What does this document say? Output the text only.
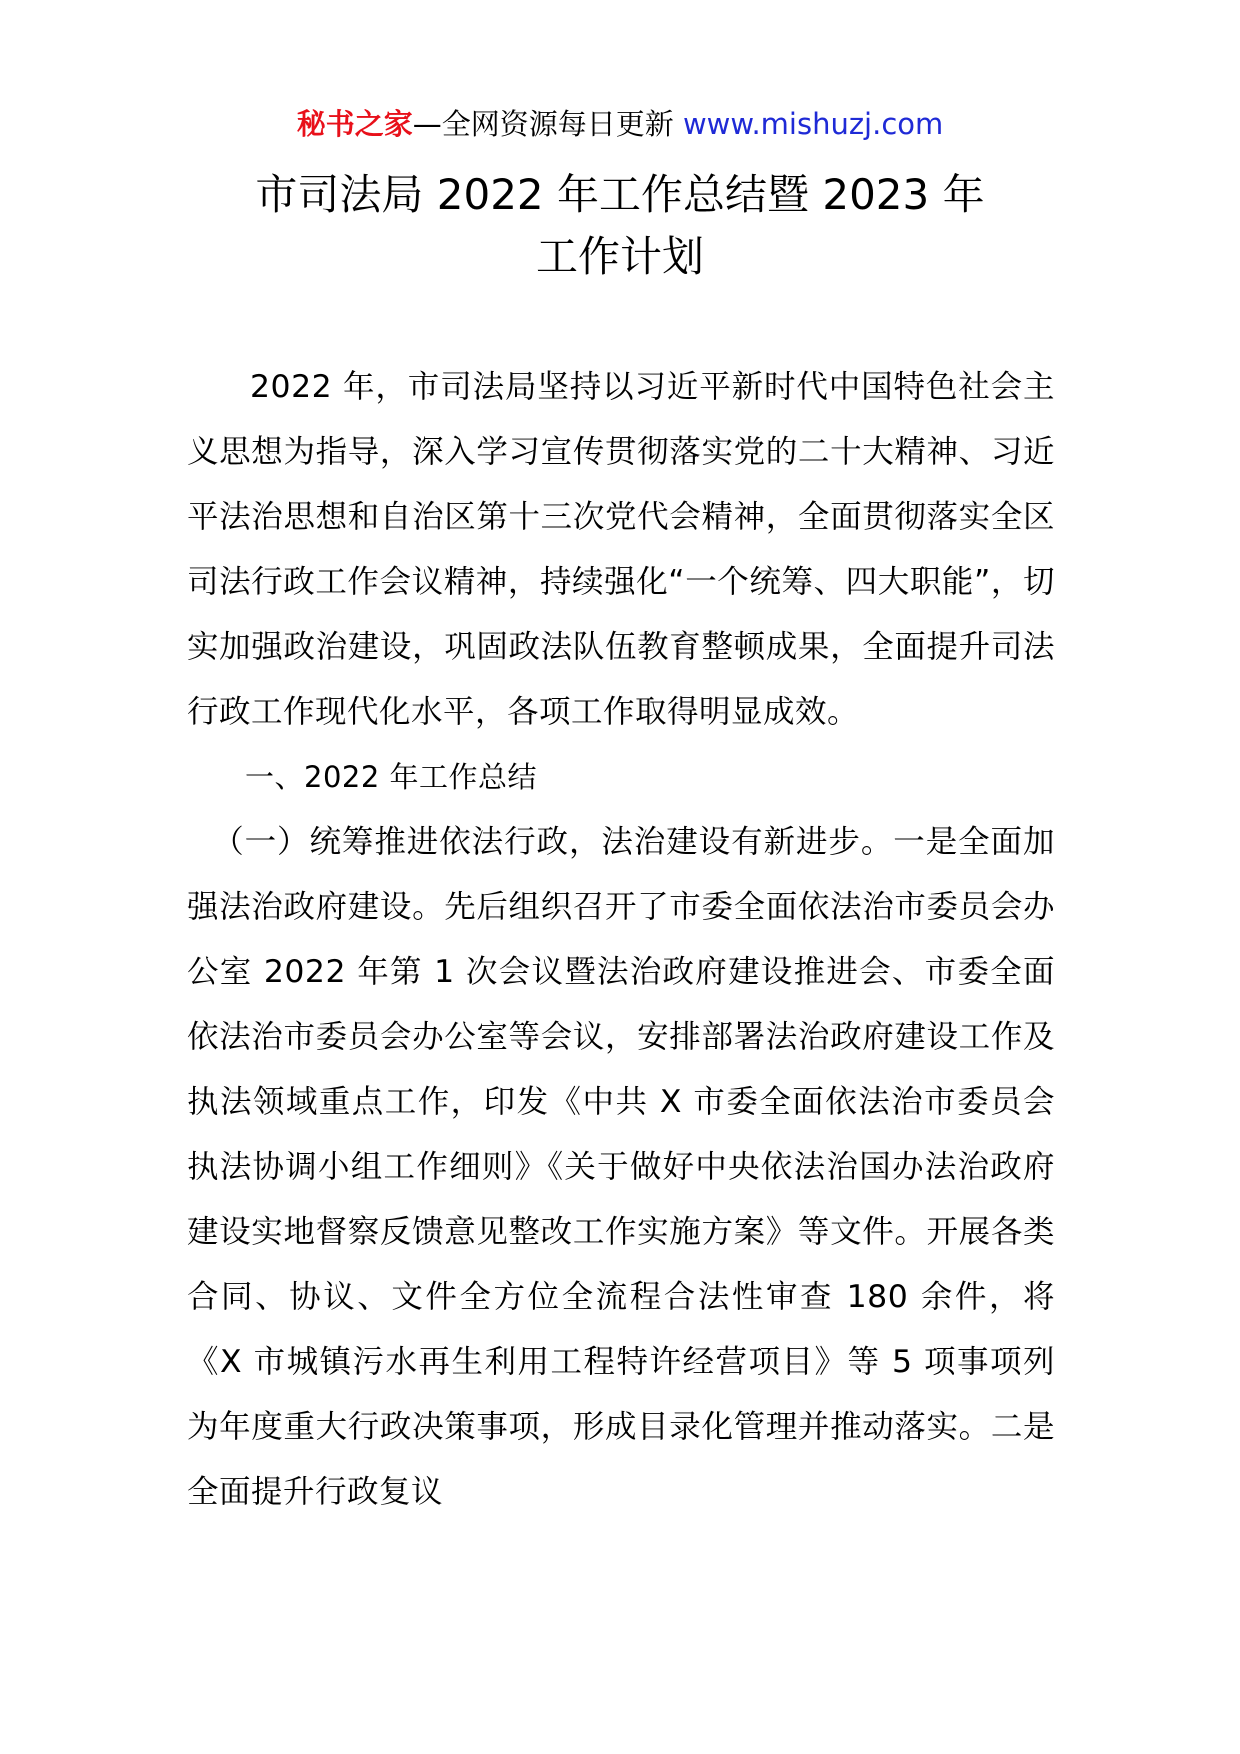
秘书之家—全网资源每日更新 www.mishuzj.com
市司法局 2022 年工作总结暨 2023 年
工作计划

2022 年，市司法局坚持以习近平新时代中国特色社会主义思想为指导，深入学习宣传贯彻落实党的二十大精神、习近平法治思想和自治区第十三次党代会精神，全面贯彻落实全区司法行政工作会议精神，持续强化“一个统筹、四大职能”，切实加强政治建设，巩固政法队伍教育整顿成果，全面提升司法行政工作现代化水平，各项工作取得明显成效。

一、2022 年工作总结

（一）统筹推进依法行政，法治建设有新进步。一是全面加强法治政府建设。先后组织召开了市委全面依法治市委员会办公室 2022 年第 1 次会议暨法治政府建设推进会、市委全面依法治市委员会办公室等会议，安排部署法治政府建设工作及执法领域重点工作，印发《中共 X 市委全面依法治市委员会执法协调小组工作细则》《关于做好中央依法治国办法治政府建设实地督察反馈意见整改工作实施方案》等文件。开展各类合同、协议、文件全方位全流程合法性审查 180 余件，将《X 市城镇污水再生利用工程特许经营项目》等 5 项事项列为年度重大行政决策事项，形成目录化管理并推动落实。二是全面提升行政复议
